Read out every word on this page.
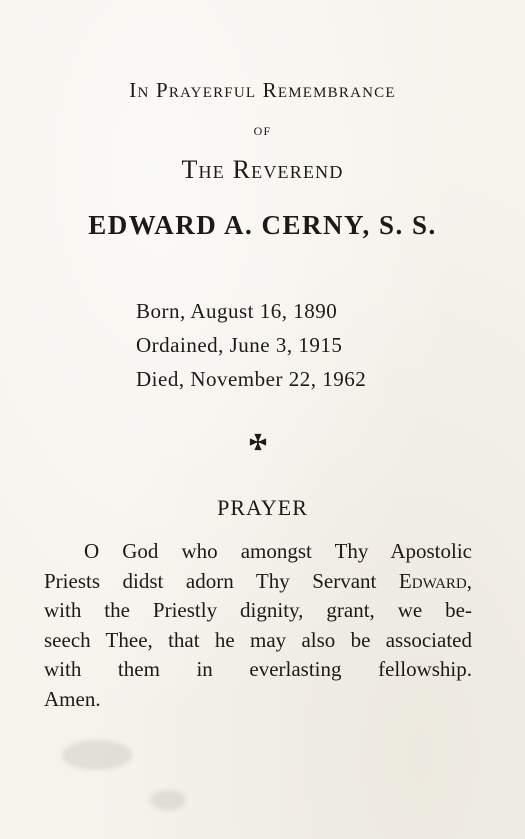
In Prayerful Remembrance
of
The Reverend
EDWARD A. CERNY, S. S.
Born, August 16, 1890
Ordained, June 3, 1915
Died, November 22, 1962
PRAYER
O God who amongst Thy Apostolic
Priests didst adorn Thy Servant Edward,
with the Priestly dignity, grant, we be-
seech Thee, that he may also be associated
with them in everlasting fellowship.
Amen.
